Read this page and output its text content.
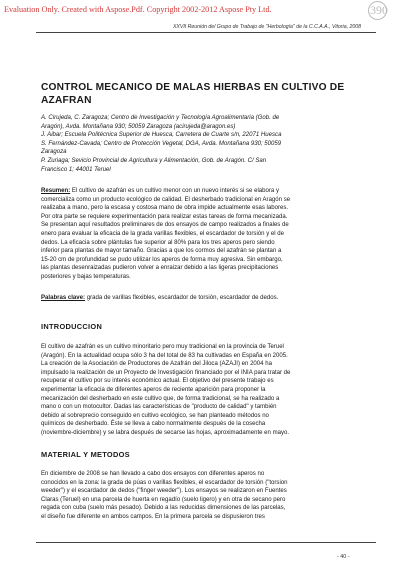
Evaluation Only. Created with Aspose.Pdf. Copyright 2002-2012 Aspose Pty Ltd.	390
XXVII Reunión del Grupo de Trabajo de "Herbología" de la C.C.A.A., Vitoria, 2008
CONTROL MECANICO DE MALAS HIERBAS EN CULTIVO DE
AZAFRAN
A. Cirujeda, C. Zaragoza; Centro de Investigación y Tecnología Agroalimentaria (Gob. de
Aragón), Avda. Montañana 930; 50059 Zaragoza (acirujeda@aragon.es)
J. Aibar; Escuela Politécnica Superior de Huesca, Carretera de Cuarte s/n, 22071 Huesca
S. Fernández-Cavada; Centro de Protección Vegetal, DGA, Avda. Montañana 930; 50059
Zaragoza
P. Zuriaga; Sevicio Provincial de Agricultura y Alimentación, Gob. de Aragón. C/ San
Francisco 1; 44001 Teruel
Resumen: El cultivo de azafrán es un cultivo menor con un nuevo interés si se elabora y
comercializa como un producto ecológico de calidad. El desherbado tradicional en Aragón se
realizaba a mano, pero la escasa y costosa mano de obra impide actualmente esas labores.
Por otra parte se requiere experimentación para realizar estas tareas de forma mecanizada.
Se presentan aquí resultados preliminares de dos ensayos de campo realizados a finales de
enero para evaluar la eficacia de la grada varillas flexibles, el escardador de torsión y el de
dedos. La eficacia sobre plántulas fue superior al 80% para los tres aperos pero siendo
inferior para plantas de mayor tamaño. Gracias a que los cormos del azafrán se plantan a
15-20 cm de profundidad se pudo utilizar los aperos de forma muy agresiva. Sin embargo,
las plantas desenraizadas pudieron volver a enraizar debido a las ligeras precipitaciones
posteriores y bajas temperaturas.
Palabras clave: grada de varillas flexibles, escardador de torsión, escardador de dedos.
INTRODUCCION
El cultivo de azafrán es un cultivo minoritario pero muy tradicional en la provincia de Teruel
(Aragón). En la actualidad ocupa sólo 3 ha del total de 83 ha cultivadas en España en 2005.
La creación de la Asociación de Productores de Azafrán del Jiloca (AZAJI) en 2004 ha
impulsado la realización de un Proyecto de Investigación financiado por el INIA para tratar de
recuperar el cultivo por su interés económico actual. El objetivo del presente trabajo es
experimentar la eficacia de diferentes aperos de reciente aparición para proponer la
mecanización del desherbado en este cultivo que, de forma tradicional, se ha realizado a
mano o con un motocultor. Dadas las características de "producto de calidad" y también
debido al sobreprecio conseguido en cultivo ecológico, se han planteado métodos no
químicos de desherbado. Éste se lleva a cabo normalmente después de la cosecha
(noviembre-diciembre) y se labra después de secarse las hojas, aproximadamente en mayo.
MATERIAL Y METODOS
En diciembre de 2008 se han llevado a cabo dos ensayos con diferentes aperos no
conocidos en la zona: la grada de púas o varillas flexibles, el escardador de torsión ("torsion
weeder") y el escardador de dedos ("finger weeder"). Los ensayos se realizaron en Fuentes
Claras (Teruel) en una parcela de huerta en regadío (suelo ligero) y en otra de secano pero
regada con cuba (suelo más pesado). Debido a las reducidas dimensiones de las parcelas,
el diseño fue diferente en ambos campos. En la primera parcela se dispusieron tres
- 40 -
